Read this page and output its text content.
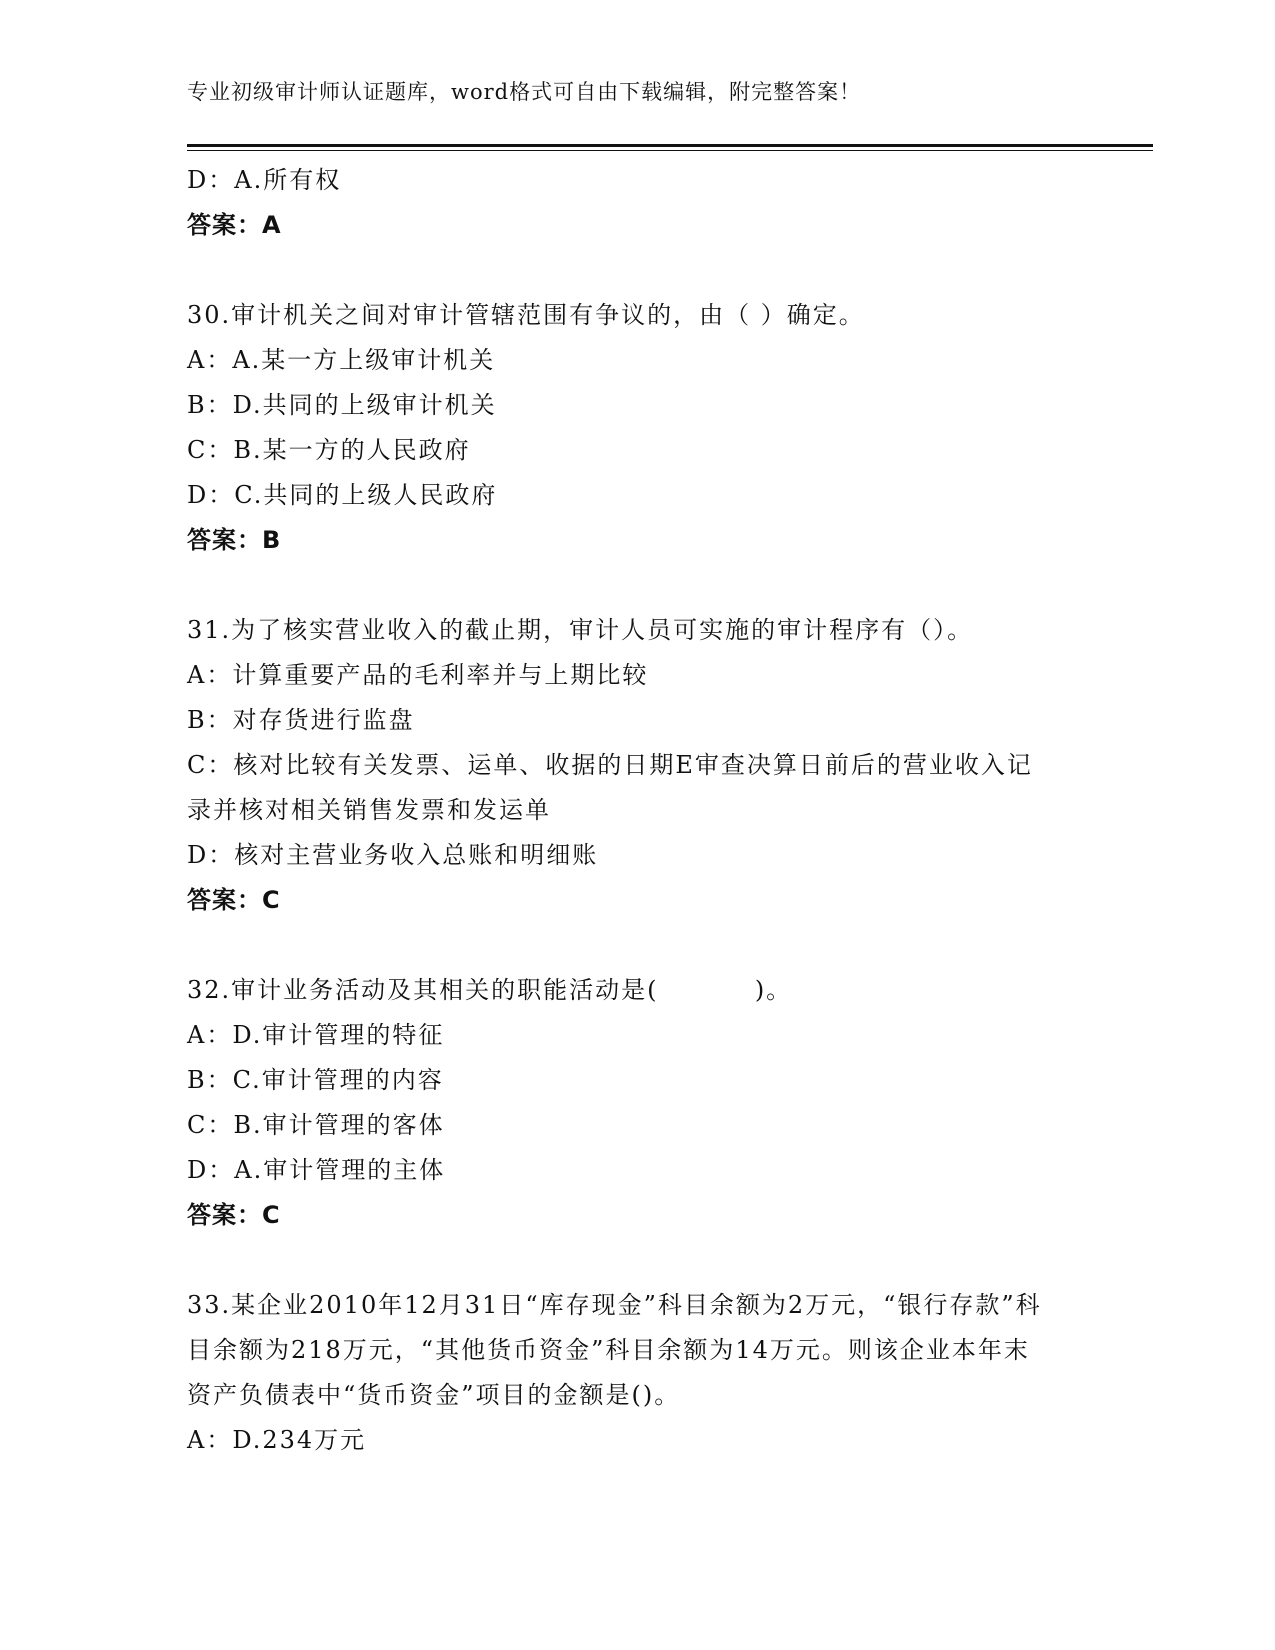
专业初级审计师认证题库，word格式可自由下载编辑，附完整答案！
D：A.所有权
答案：A
30.审计机关之间对审计管辖范围有争议的，由（ ）确定。
A：A.某一方上级审计机关
B：D.共同的上级审计机关
C：B.某一方的人民政府
D：C.共同的上级人民政府
答案：B
31.为了核实营业收入的截止期，审计人员可实施的审计程序有（）。
A：计算重要产品的毛利率并与上期比较
B：对存货进行监盘
C：核对比较有关发票、运单、收据的日期E审查决算日前后的营业收入记录并核对相关销售发票和发运单
D：核对主营业务收入总账和明细账
答案：C
32.审计业务活动及其相关的职能活动是(          )。
A：D.审计管理的特征
B：C.审计管理的内容
C：B.审计管理的客体
D：A.审计管理的主体
答案：C
33.某企业2010年12月31日“库存现金”科目余额为2万元，“银行存款”科目余额为218万元，“其他货币资金”科目余额为14万元。则该企业本年末资产负债表中“货币资金”项目的金额是()。
A：D.234万元
